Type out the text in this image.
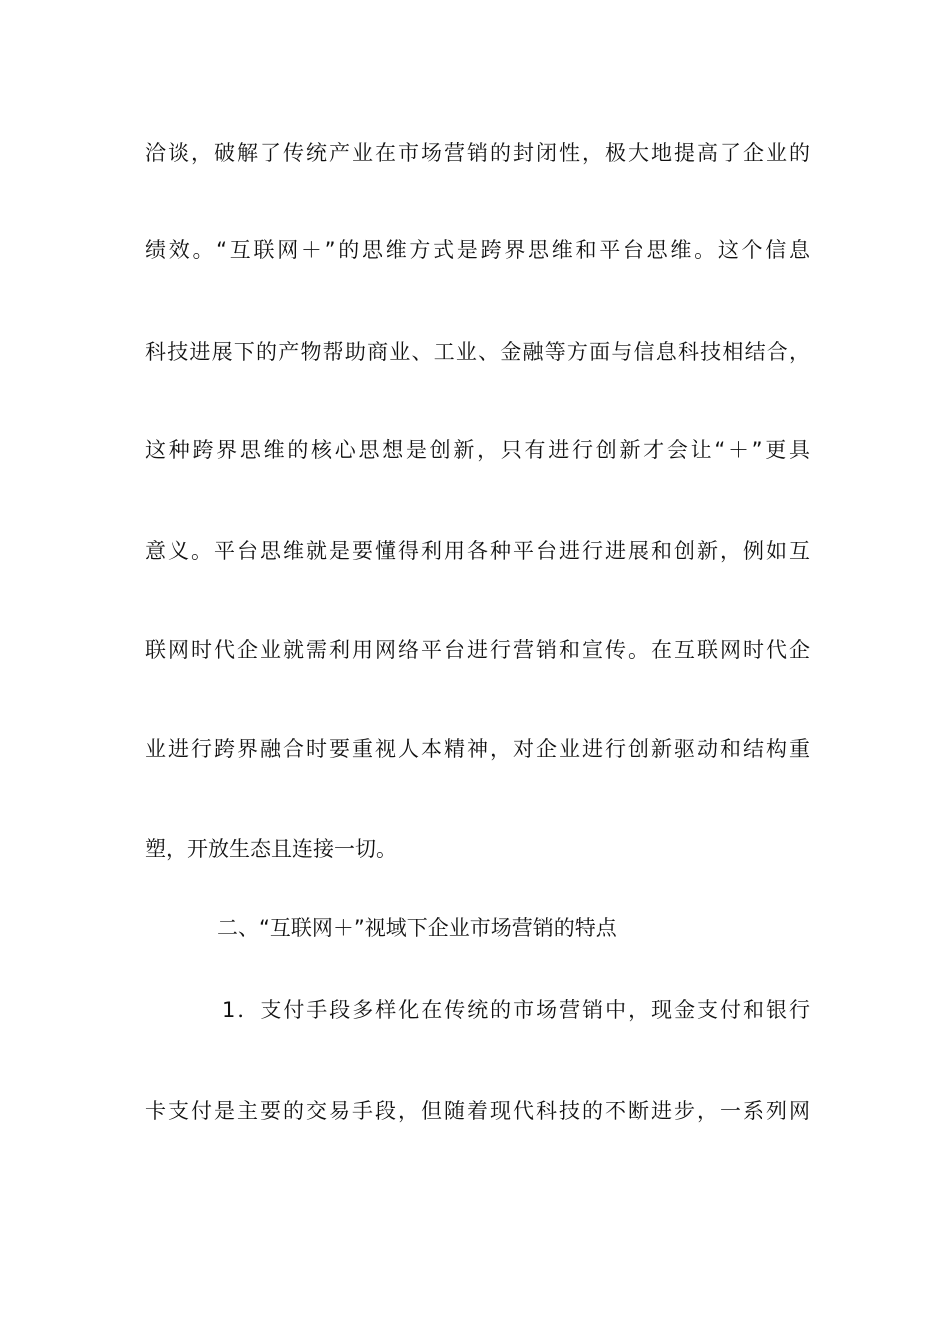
洽谈，破解了传统产业在市场营销的封闭性，极大地提高了企业的
绩效。“互联网＋”的思维方式是跨界思维和平台思维。这个信息
科技进展下的产物帮助商业、工业、金融等方面与信息科技相结合，
这种跨界思维的核心思想是创新，只有进行创新才会让“＋”更具
意义。平台思维就是要懂得利用各种平台进行进展和创新，例如互
联网时代企业就需利用网络平台进行营销和宣传。在互联网时代企
业进行跨界融合时要重视人本精神，对企业进行创新驱动和结构重
塑，开放生态且连接一切。
二、“互联网＋”视域下企业市场营销的特点
1．支付手段多样化在传统的市场营销中，现金支付和银行
卡支付是主要的交易手段，但随着现代科技的不断进步，一系列网
